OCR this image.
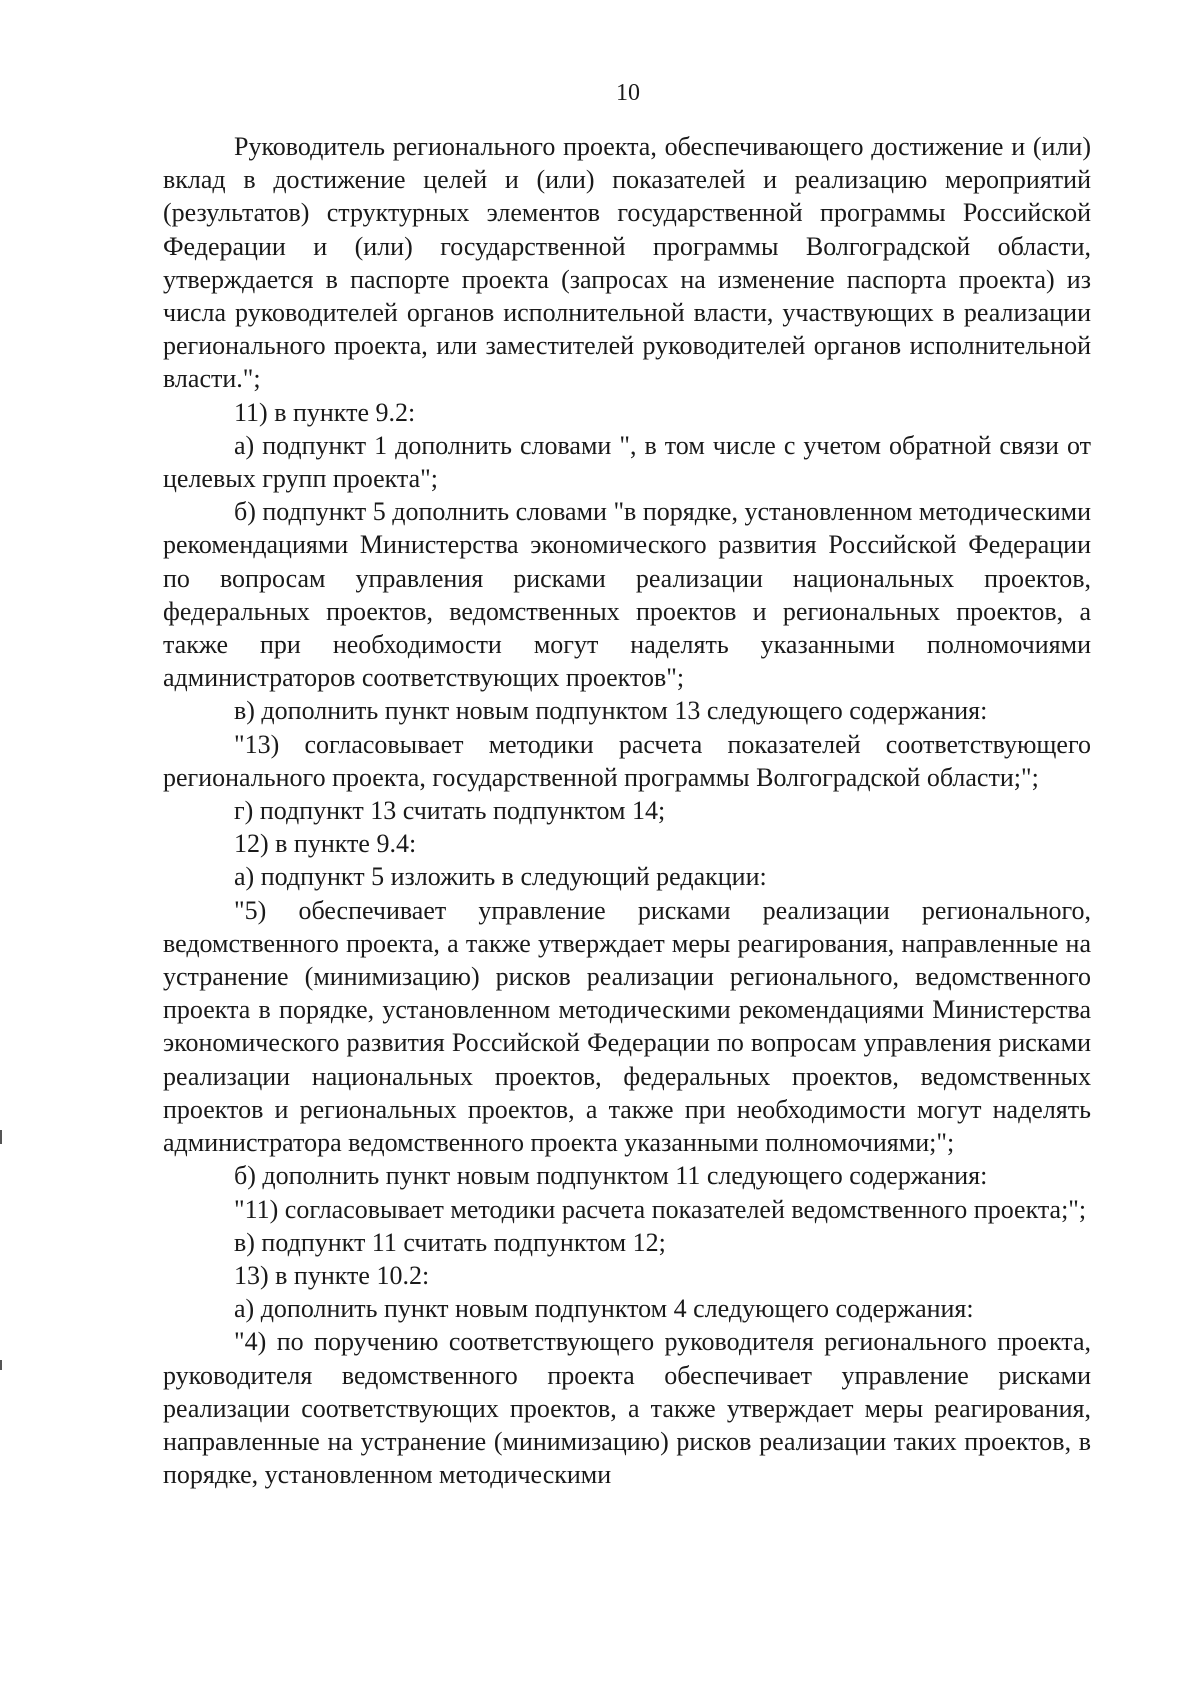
10

Руководитель регионального проекта, обеспечивающего достижение и (или) вклад в достижение целей и (или) показателей и реализацию мероприятий (результатов) структурных элементов государственной программы Российской Федерации и (или) государственной программы Волгоградской области, утверждается в паспорте проекта (запросах на изменение паспорта проекта) из числа руководителей органов исполнительной власти, участвующих в реализации регионального проекта, или заместителей руководителей органов исполнительной власти.";

11) в пункте 9.2:

а) подпункт 1 дополнить словами ", в том числе с учетом обратной связи от целевых групп проекта";

б) подпункт 5 дополнить словами "в порядке, установленном методическими рекомендациями Министерства экономического развития Российской Федерации по вопросам управления рисками реализации национальных проектов, федеральных проектов, ведомственных проектов и региональных проектов, а также при необходимости могут наделять указанными полномочиями администраторов соответствующих проектов";

в) дополнить пункт новым подпунктом 13 следующего содержания:

"13) согласовывает методики расчета показателей соответствующего регионального проекта, государственной программы Волгоградской области;";

г) подпункт 13 считать подпунктом 14;

12) в пункте 9.4:

а) подпункт 5 изложить в следующий редакции:

"5) обеспечивает управление рисками реализации регионального, ведомственного проекта, а также утверждает меры реагирования, направленные на устранение (минимизацию) рисков реализации регионального, ведомственного проекта в порядке, установленном методическими рекомендациями Министерства экономического развития Российской Федерации по вопросам управления рисками реализации национальных проектов, федеральных проектов, ведомственных проектов и региональных проектов, а также при необходимости могут наделять администратора ведомственного проекта указанными полномочиями;";

б) дополнить пункт новым подпунктом 11 следующего содержания:

"11) согласовывает методики расчета показателей ведомственного проекта;";

в) подпункт 11 считать подпунктом 12;

13) в пункте 10.2:

а) дополнить пункт новым подпунктом 4 следующего содержания:

"4) по поручению соответствующего руководителя регионального проекта, руководителя ведомственного проекта обеспечивает управление рисками реализации соответствующих проектов, а также утверждает меры реагирования, направленные на устранение (минимизацию) рисков реализации таких проектов, в порядке, установленном методическими
